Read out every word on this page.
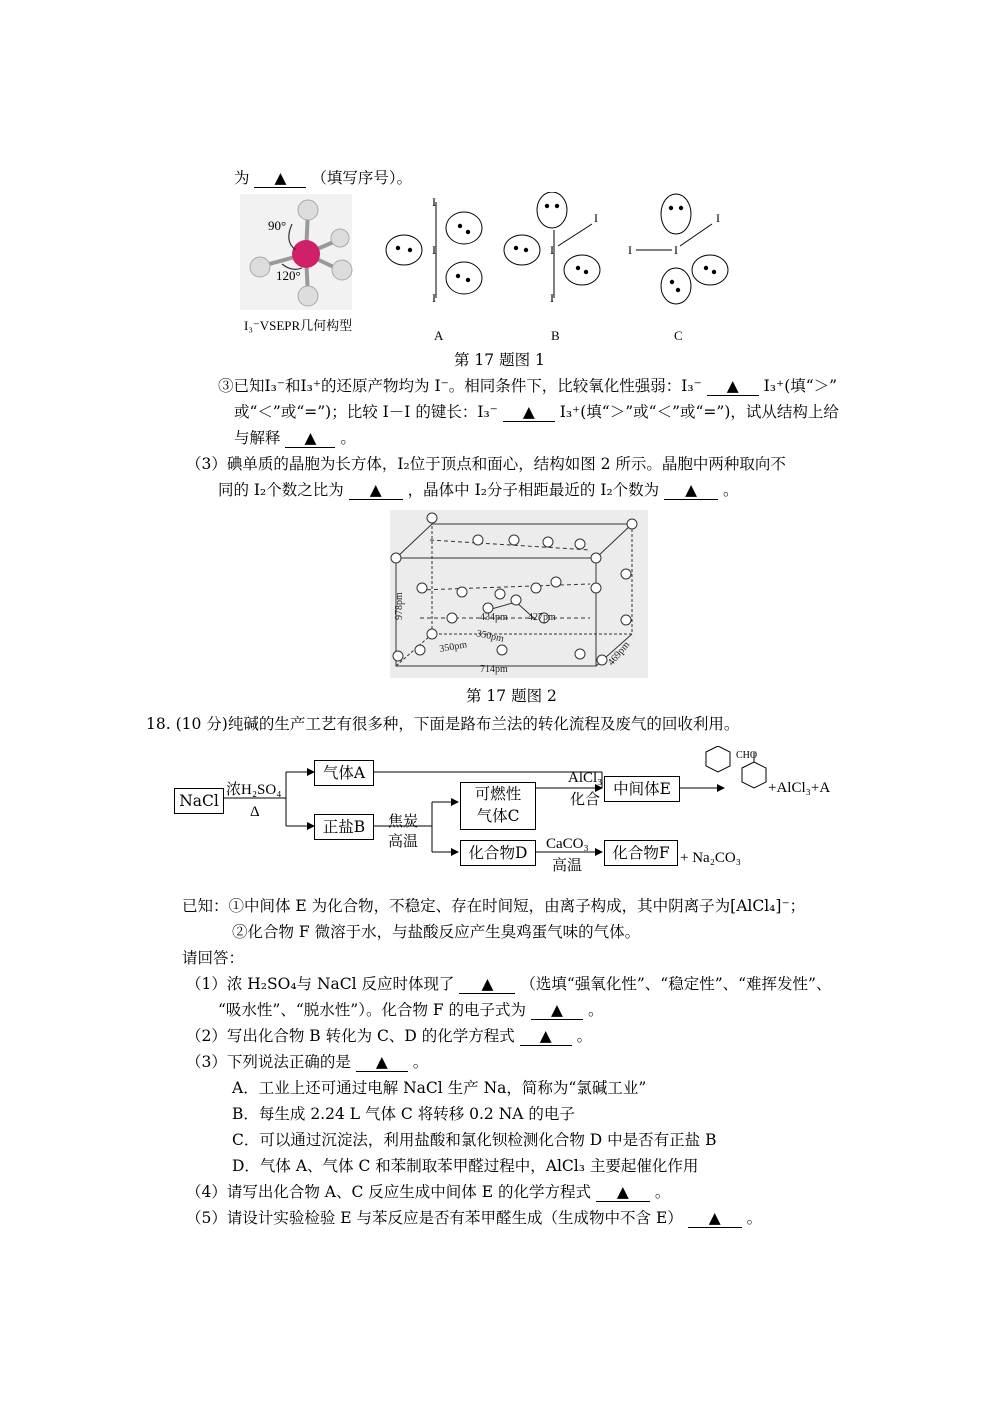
为 ▲ （填写序号）。
90°
120°
I₃⁻VSEPR几何构型
I
I
I
A
I
I
I
B
I	I
I
C
第 17 题图 1
③已知I₃⁻和I₃⁺的还原产物均为 I⁻。相同条件下，比较氧化性强弱：I₃⁻ ▲ I₃⁺(填“＞”
或“＜”或“=”)；比较 I－I 的键长：I₃⁻ ▲ I₃⁺(填“＞”或“＜”或“=”)，试从结构上给
与解释 ▲ 。
（3）碘单质的晶胞为长方体，I₂位于顶点和面心，结构如图 2 所示。晶胞中两种取向不
同的 I₂个数之比为 ▲ ，晶体中 I₂分子相距最近的 I₂个数为 ▲ 。
978pm	434pm 427pm
350pm
350pm
714pm
469pm
第 17 题图 2
18. (10 分)纯碱的生产工艺有很多种，下面是路布兰法的转化流程及废气的回收利用。
浓H₂SO₄
Δ
焦炭
高温
AlCl₃
化合
CaCO₃
高温	+ Na₂CO₃
CHO
+AlCl₃+A
NaCl
气体A
正盐B
可燃性
气体C
化合物D
中间体E
化合物F
已知：①中间体 E 为化合物，不稳定、存在时间短，由离子构成，其中阴离子为[AlCl₄]⁻；
②化合物 F 微溶于水，与盐酸反应产生臭鸡蛋气味的气体。
请回答：
（1）浓 H₂SO₄与 NaCl 反应时体现了 ▲ （选填“强氧化性”、“稳定性”、“难挥发性”、
“吸水性”、“脱水性”）。化合物 F 的电子式为 ▲ 。
（2）写出化合物 B 转化为 C、D 的化学方程式 ▲ 。
（3）下列说法正确的是 ▲ 。
A．工业上还可通过电解 NaCl 生产 Na，简称为“氯碱工业”
B．每生成 2.24 L 气体 C 将转移 0.2 NA 的电子
C．可以通过沉淀法，利用盐酸和氯化钡检测化合物 D 中是否有正盐 B
D．气体 A、气体 C 和苯制取苯甲醛过程中，AlCl₃ 主要起催化作用
（4）请写出化合物 A、C 反应生成中间体 E 的化学方程式 ▲ 。
（5）请设计实验检验 E 与苯反应是否有苯甲醛生成（生成物中不含 E） ▲ 。
